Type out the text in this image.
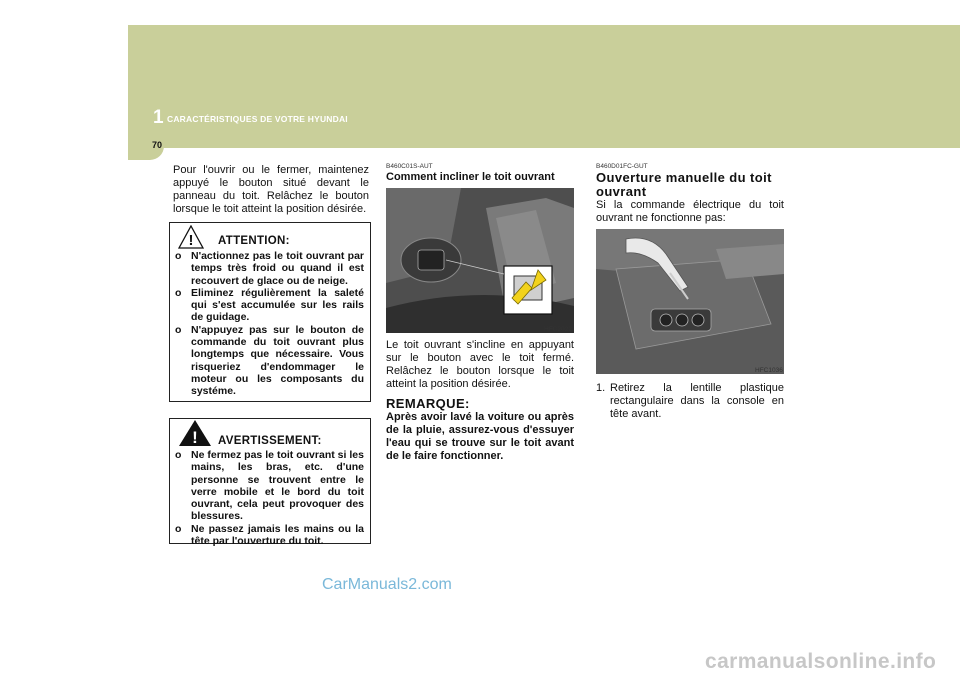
1 CARACTÉRISTIQUES DE VOTRE HYUNDAI
70

Pour l'ouvrir ou le fermer, maintenez appuyé le bouton situé devant le panneau du toit. Relâchez le bouton lorsque le toit atteint la position désirée.

! ATTENTION:
o N'actionnez pas le toit ouvrant par temps très froid ou quand il est recouvert de glace ou de neige.
o Eliminez régulièrement la saleté qui s'est accumulée sur les rails de guidage.
o N'appuyez pas sur le bouton de commande du toit ouvrant plus longtemps que nécessaire. Vous risqueriez d'endommager le moteur ou les composants du systéme.
! AVERTISSEMENT:
o Ne fermez pas le toit ouvrant si les mains, les bras, etc. d'une personne se trouvent entre le verre mobile et le bord du toit ouvrant, cela peut provoquer des blessures.
o Ne passez jamais les mains ou la tête par l'ouverture du toit.
B460C01S-AUT
Comment incliner le toit ouvrant
HFC2022

Le toit ouvrant s'incline en appuyant sur le bouton avec le toit fermé. Relâchez le bouton lorsque le toit atteint la position désirée.

REMARQUE:

Après avoir lavé la voiture ou après de la pluie, assurez-vous d'essuyer l'eau qui se trouve sur le toit avant de le faire fonctionner.

B460D01FC-GUT
Ouverture manuelle du toit ouvrant

Si la commande électrique du toit ouvrant ne fonctionne pas:

HFC1036
1. Retirez la lentille plastique rectangulaire dans la console en tête avant.

CarManuals2.com
carmanualsonline.info
